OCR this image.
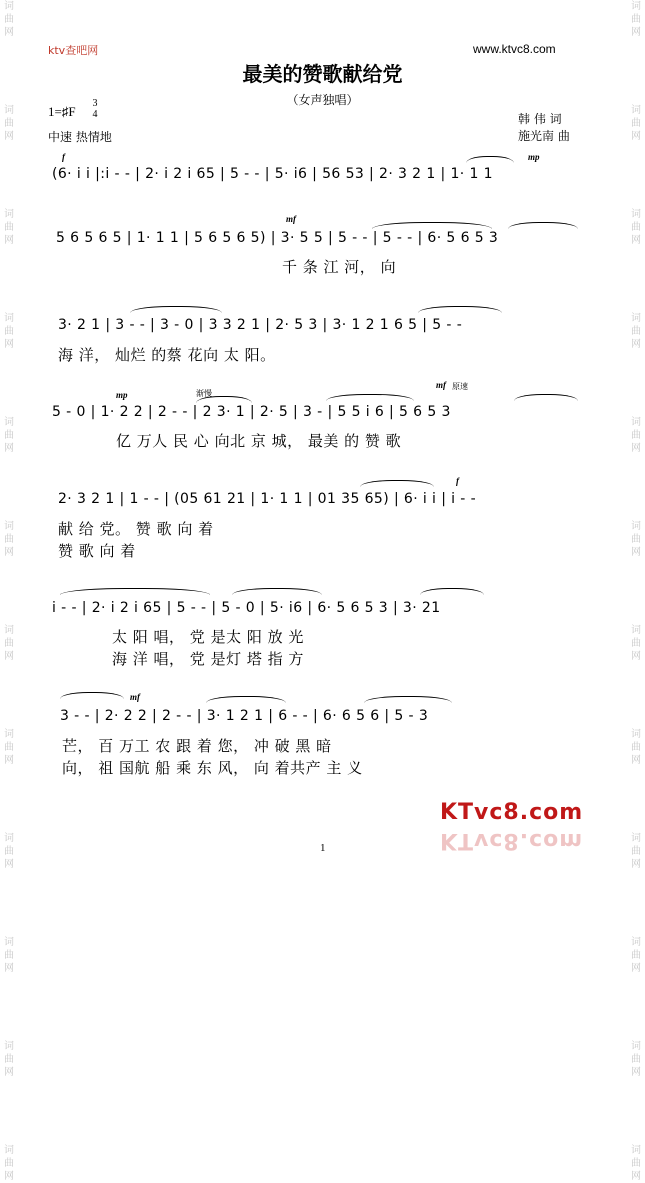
词
曲
网

词
曲
网

词
曲
网

词
曲
网

词
曲
网

词
曲
网

词
曲
网

词
曲
网

词
曲
网

词
曲
网

词
曲
网

词
曲
网
词
曲
网

词
曲
网

词
曲
网

词
曲
网

词
曲
网

词
曲
网

词
曲
网

词
曲
网

词
曲
网

词
曲
网

词
曲
网

词
曲
网
ktv查吧网	www.ktvc8.com
最美的赞歌献给党
（女声独唱）
1=♯F
3
4
中速 热情地
韩 伟 词
施光南 曲
f	mp
(6· i i |:i - - | 2· i 2 i 65 | 5 - - | 5· i6 | 56 53 | 2· 3 2 1 | 1· 1 1
mf
5 6 5 6 5 | 1· 1 1 | 5 6 5 6 5) | 3· 5 5 | 5 - - | 5 - - | 6· 5 6 5 3
千 条 江 河， 向
3· 2 1 | 3 - - | 3 - 0 | 3 3 2 1 | 2· 5 3 | 3· 1 2 1 6 5 | 5 - -
海 洋， 灿烂 的蔡 花向 太 阳。
mp	渐慢
mf 原速
5 - 0 | 1· 2 2 | 2 - - | 2 3· 1 | 2· 5 | 3 - | 5 5 i 6 | 5 6 5 3
亿 万人 民 心 向北 京 城， 最美 的 赞 歌
f
2· 3 2 1 | 1 - - | (05 61 21 | 1· 1 1 | 01 35 65) | 6· i i | i - -
献 给 党。 赞 歌 向 着
赞 歌 向 着
i - - | 2· i 2 i 65 | 5 - - | 5 - 0 | 5· i6 | 6· 5 6 5 3 | 3· 21
太 阳 唱， 党 是太 阳 放 光
海 洋 唱， 党 是灯 塔 指 方
mf
3 - - | 2· 2 2 | 2 - - | 3· 1 2 1 | 6 - - | 6· 6 5 6 | 5 - 3
芒， 百 万工 农 跟 着 您， 冲 破 黑 暗
向， 祖 国航 船 乘 东 风， 向 着共产 主 义
1
KTvc8.com
KTvc8.com
